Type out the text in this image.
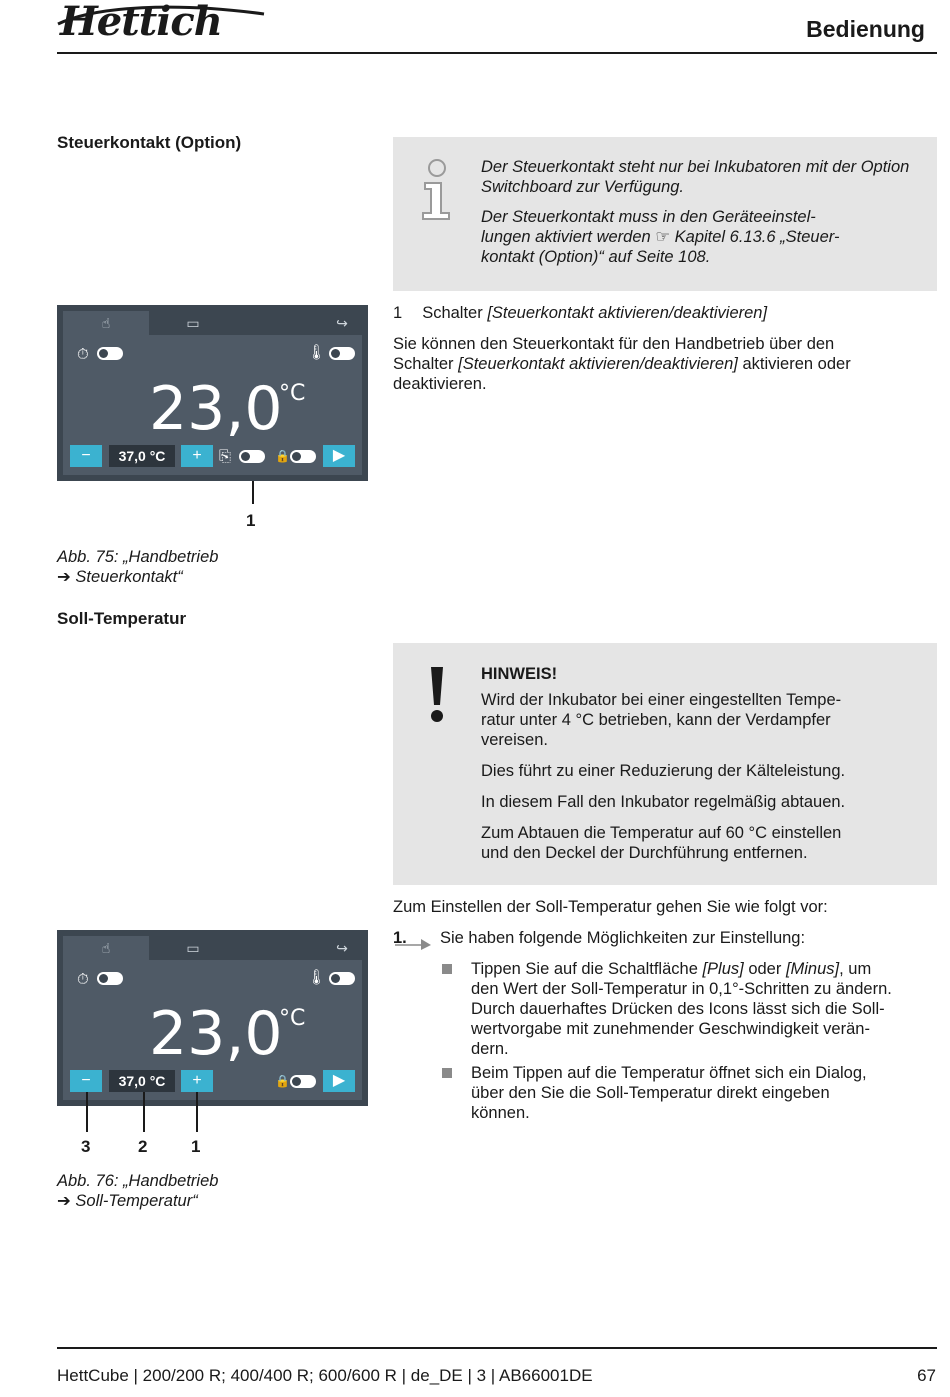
Hettich	Bedienung
Steuerkontakt (Option)

Der Steuerkontakt steht nur bei Inkubatoren mit der Option Switchboard zur Verfügung.

Der Steuerkontakt muss in den Geräteeinstel-
lungen aktiviert werden ☞ Kapitel 6.13.6 „Steuer-
kontakt (Option)“ auf Seite 108.

☝	▭	↪
⏱	🌡
23,0
°C
−	37,0 °C	+	⎘	🔒	▶
1
Abb. 75: „Handbetrieb
➔ Steuerkontakt“
1 Schalter [Steuerkontakt aktivieren/deaktivieren]
Sie können den Steuerkontakt für den Handbetrieb über den
Schalter [Steuerkontakt aktivieren/deaktivieren] aktivieren oder
deaktivieren.
Soll-Temperatur

HINWEIS!

Wird der Inkubator bei einer eingestellten Tempe-
ratur unter 4 °C betrieben, kann der Verdampfer
vereisen.

Dies führt zu einer Reduzierung der Kälteleistung.

In diesem Fall den Inkubator regelmäßig abtauen.

Zum Abtauen die Temperatur auf 60 °C einstellen
und den Deckel der Durchführung entfernen.

Zum Einstellen der Soll-Temperatur gehen Sie wie folgt vor:
1. Sie haben folgende Möglichkeiten zur Einstellung:
Tippen Sie auf die Schaltfläche [Plus] oder [Minus], um
den Wert der Soll-Temperatur in 0,1°-Schritten zu ändern.
Durch dauerhaftes Drücken des Icons lässt sich die Soll-
wertvorgabe mit zunehmender Geschwindigkeit verän-
dern.
Beim Tippen auf die Temperatur öffnet sich ein Dialog,
über den Sie die Soll-Temperatur direkt eingeben
können.
☝	▭	↪
⏱	🌡
23,0
°C
−	37,0 °C	+	🔒	▶
3	2	1
Abb. 76: „Handbetrieb
➔ Soll-Temperatur“
HettCube | 200/200 R; 400/400 R; 600/600 R | de_DE | 3 | AB66001DE	67
